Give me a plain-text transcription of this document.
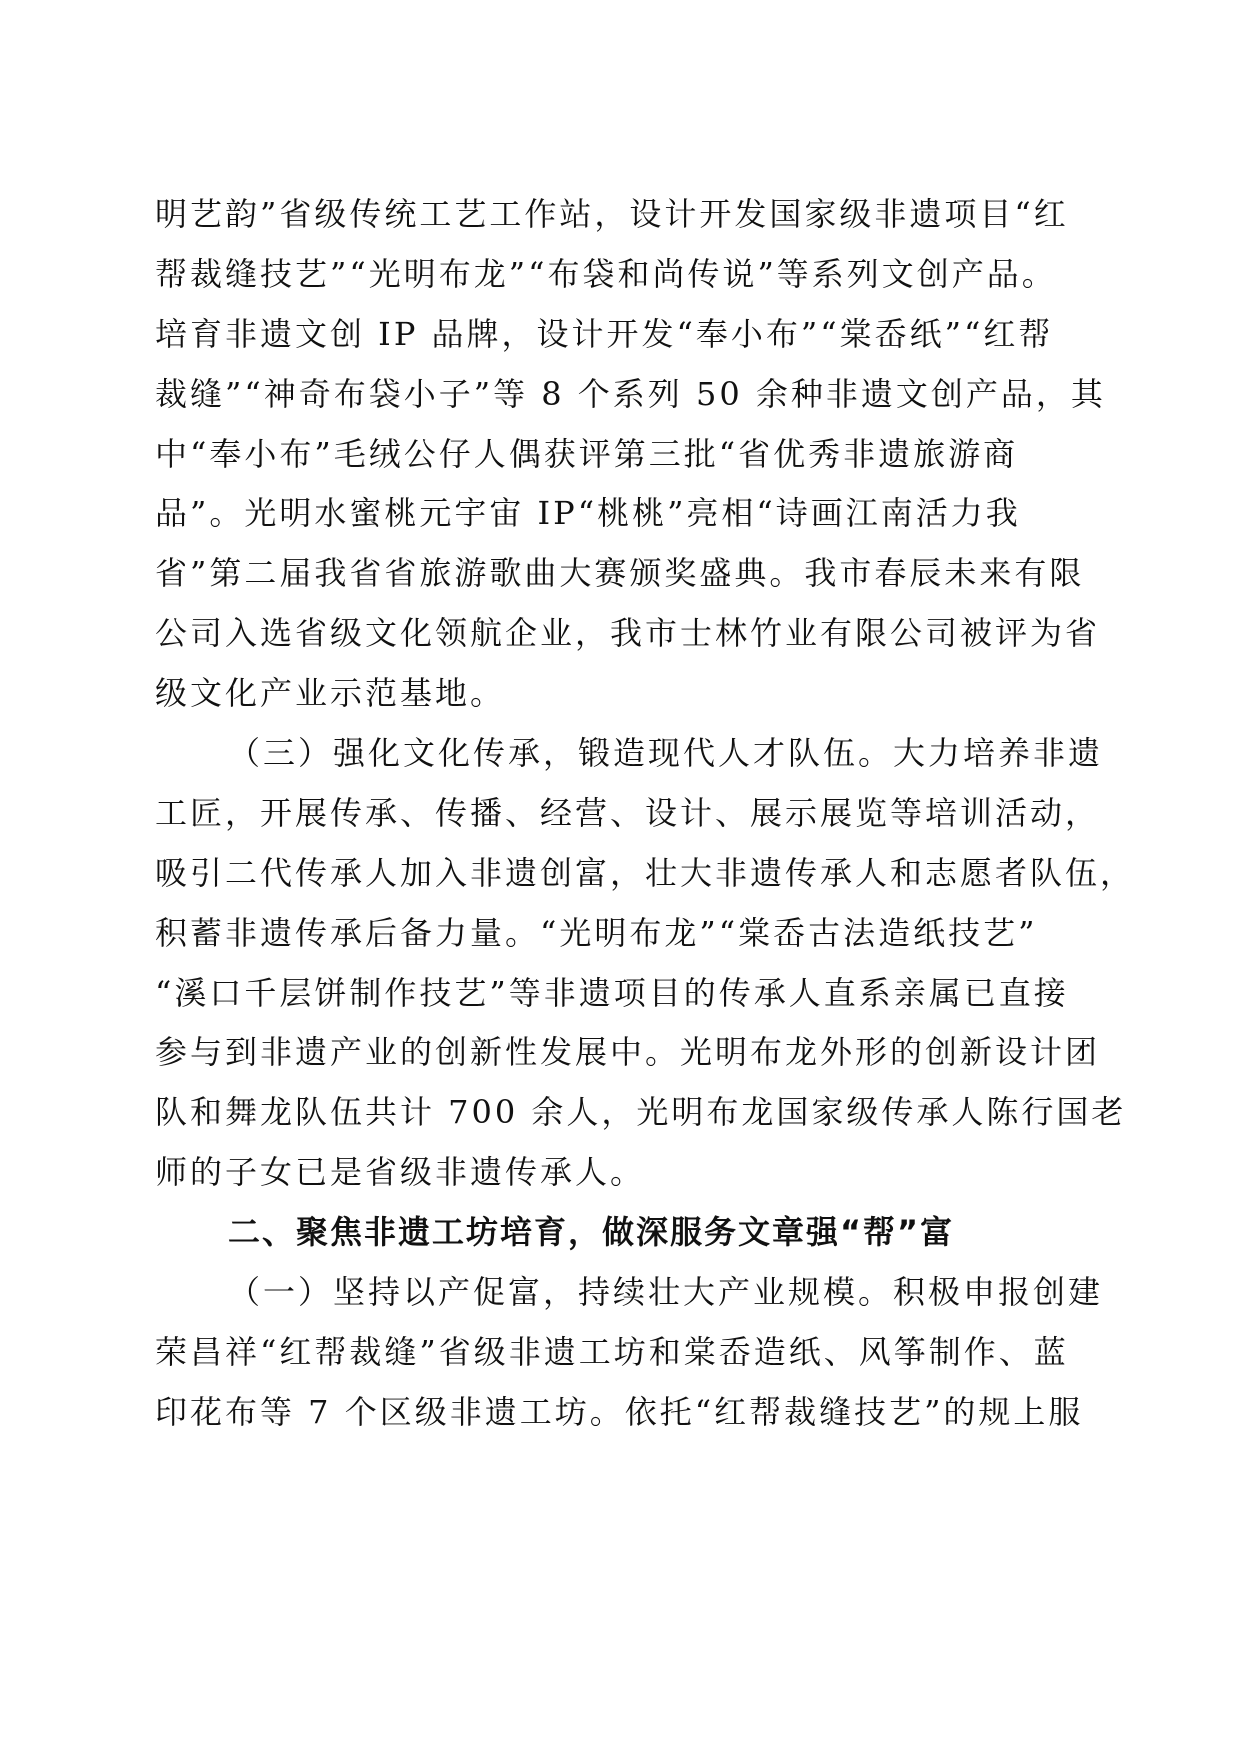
明艺韵”省级传统工艺工作站，设计开发国家级非遗项目“红
帮裁缝技艺”“光明布龙”“布袋和尚传说”等系列文创产品。
培育非遗文创 IP 品牌，设计开发“奉小布”“棠岙纸”“红帮
裁缝”“神奇布袋小子”等 8 个系列 50 余种非遗文创产品，其
中“奉小布”毛绒公仔人偶获评第三批“省优秀非遗旅游商
品”。光明水蜜桃元宇宙 IP“桃桃”亮相“诗画江南活力我
省”第二届我省省旅游歌曲大赛颁奖盛典。我市春辰未来有限
公司入选省级文化领航企业，我市士林竹业有限公司被评为省
级文化产业示范基地。
（三）强化文化传承，锻造现代人才队伍。大力培养非遗
工匠，开展传承、传播、经营、设计、展示展览等培训活动，
吸引二代传承人加入非遗创富，壮大非遗传承人和志愿者队伍，
积蓄非遗传承后备力量。“光明布龙”“棠岙古法造纸技艺”
“溪口千层饼制作技艺”等非遗项目的传承人直系亲属已直接
参与到非遗产业的创新性发展中。光明布龙外形的创新设计团
队和舞龙队伍共计 700 余人，光明布龙国家级传承人陈行国老
师的子女已是省级非遗传承人。
二、聚焦非遗工坊培育，做深服务文章强“帮”富
（一）坚持以产促富，持续壮大产业规模。积极申报创建
荣昌祥“红帮裁缝”省级非遗工坊和棠岙造纸、风筝制作、蓝
印花布等 7 个区级非遗工坊。依托“红帮裁缝技艺”的规上服
